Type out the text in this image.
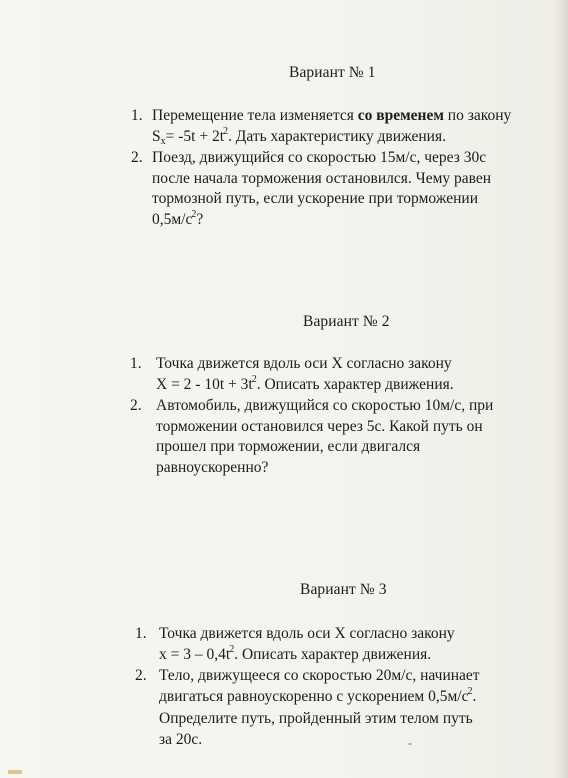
Вариант № 1
1. Перемещение тела изменяется со временем по закону
$Sx= -5t + 2t^2$. Дать характеристику движения.
2. Поезд, движущийся со скоростью 15м/с, через 30с
после начала торможения остановился. Чему равен
тормозной путь, если ускорение при торможении
$0,5м/с^2$?
Вариант № 2
1. Точка движется вдоль оси X согласно закону
$X = 2 - 10t + 3t^2$. Описать характер движения.
2. Автомобиль, движущийся со скоростью 10м/с, при
торможении остановился через 5с. Какой путь он
прошел при торможении, если двигался
равноускоренно?
Вариант № 3
1. Точка движется вдоль оси X согласно закону
$x = 3 - 0,4t^2$. Описать характер движения.
2. Тело, движущееся со скоростью 20м/с, начинает
двигаться равноускоренно с ускорением $0,5м/с^2$.
Определите путь, пройденный этим телом путь
за 20с.
